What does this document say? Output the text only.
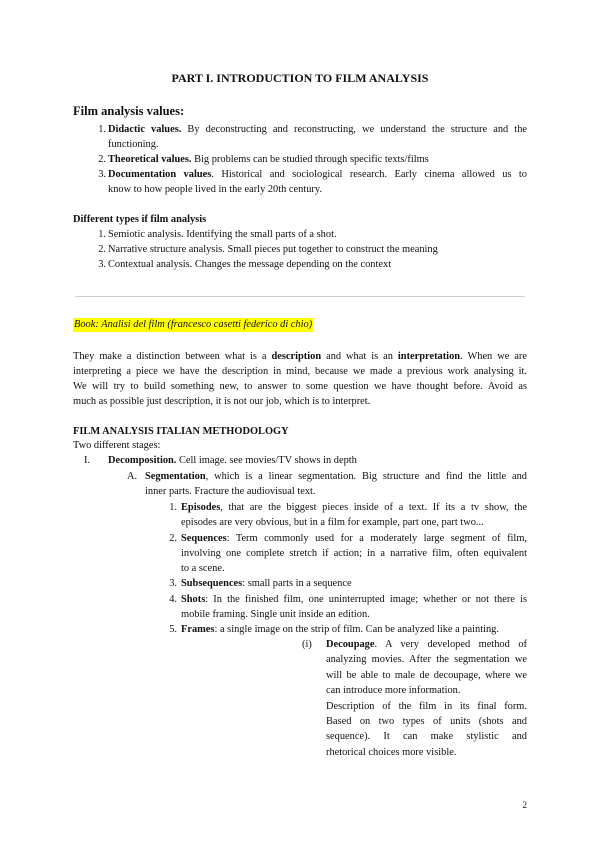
PART I. INTRODUCTION TO FILM ANALYSIS
Film analysis values:
1. Didactic values. By deconstructing and reconstructing, we understand the structure and the
functioning.
2. Theoretical values. Big problems can be studied through specific texts/films
3. Documentation values. Historical and sociological research. Early cinema allowed us to
know to how people lived in the early 20th century.
Different types if film analysis
1. Semiotic analysis. Identifying the small parts of a shot.
2. Narrative structure analysis. Small pieces put together to construct the meaning
3. Contextual analysis. Changes the message depending on the context
Book: Analisi del film (francesco casetti federico di chio)
They make a distinction between what is a description and what is an interpretation. When we are
interpreting a piece we have the description in mind, because we made a previous work analysing it.
We will try to build something new, to answer to some question we have thought before. Avoid as
much as possible just description, it is not our job, which is to interpret.
FILM ANALYSIS ITALIAN METHODOLOGY
Two different stages:
I. Decomposition. Cell image. see movies/TV shows in depth
A. Segmentation, which is a linear segmentation. Big structure and find the little and
inner parts. Fracture the audiovisual text.
1. Episodes, that are the biggest pieces inside of a text. If its a tv show, the
episodes are very obvious, but in a film for example, part one, part two...
2. Sequences: Term commonly used for a moderately large segment of film,
involving one complete stretch if action; in a narrative film, often equivalent
to a scene.
3. Subsequences: small parts in a sequence
4. Shots: In the finished film, one uninterrupted image; whether or not there is
mobile framing. Single unit inside an edition.
5. Frames: a single image on the strip of film. Can be analyzed like a painting.
(i) Decoupage. A very developed method of
analyzing movies. After the segmentation we
will be able to male de decoupage, where we
can introduce more information.
Description of the film in its final form.
Based on two types of units (shots and
sequence). It can make stylistic and
rhetorical choices more visible.
2
